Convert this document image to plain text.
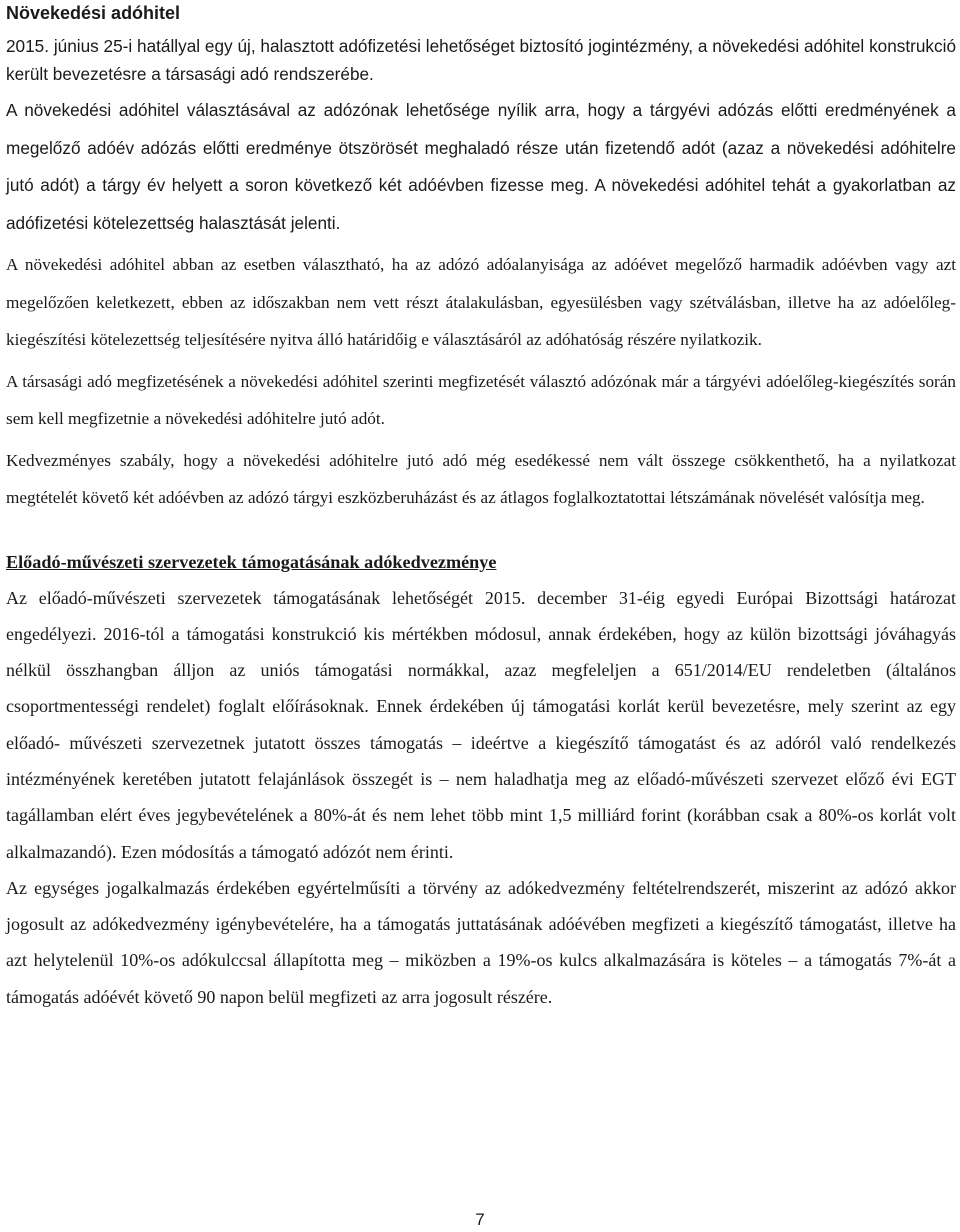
Növekedési adóhitel

2015. június 25-i hatállyal egy új, halasztott adófizetési lehetőséget biztosító jogintézmény, a növekedési adóhitel konstrukció került bevezetésre a társasági adó rendszerébe.

A növekedési adóhitel választásával az adózónak lehetősége nyílik arra, hogy a tárgyévi adózás előtti eredményének a megelőző adóév adózás előtti eredménye ötszörösét meghaladó része után fizetendő adót (azaz a növekedési adóhitelre jutó adót) a tárgy év helyett a soron következő két adóévben fizesse meg. A növekedési adóhitel tehát a gyakorlatban az adófizetési kötelezettség halasztását jelenti.

A növekedési adóhitel abban az esetben választható, ha az adózó adóalanyisága az adóévet megelőző harmadik adóévben vagy azt megelőzően keletkezett, ebben az időszakban nem vett részt átalakulásban, egyesülésben vagy szétválásban, illetve ha az adóelőleg-kiegészítési kötelezettség teljesítésére nyitva álló határidőig e választásáról az adóhatóság részére nyilatkozik.

A társasági adó megfizetésének a növekedési adóhitel szerinti megfizetését választó adózónak már a tárgyévi adóelőleg-kiegészítés során sem kell megfizetnie a növekedési adóhitelre jutó adót.

Kedvezményes szabály, hogy a növekedési adóhitelre jutó adó még esedékessé nem vált összege csökkenthető, ha a nyilatkozat megtételét követő két adóévben az adózó tárgyi eszközberuházást és az átlagos foglalkoztatottai létszámának növelését valósítja meg.

Előadó-művészeti szervezetek támogatásának adókedvezménye

Az előadó-művészeti szervezetek támogatásának lehetőségét 2015. december 31-éig egyedi Európai Bizottsági határozat engedélyezi. 2016-tól a támogatási konstrukció kis mértékben módosul, annak érdekében, hogy az külön bizottsági jóváhagyás nélkül összhangban álljon az uniós támogatási normákkal, azaz megfeleljen a 651/2014/EU rendeletben (általános csoportmentességi rendelet) foglalt előírásoknak. Ennek érdekében új támogatási korlát kerül bevezetésre, mely szerint az egy előadó- művészeti szervezetnek jutatott összes támogatás – ideértve a kiegészítő támogatást és az adóról való rendelkezés intézményének keretében jutatott felajánlások összegét is – nem haladhatja meg az előadó-művészeti szervezet előző évi EGT tagállamban elért éves jegybevételének a 80%-át és nem lehet több mint 1,5 milliárd forint (korábban csak a 80%-os korlát volt alkalmazandó). Ezen módosítás a támogató adózót nem érinti.

Az egységes jogalkalmazás érdekében egyértelműsíti a törvény az adókedvezmény feltételrendszerét, miszerint az adózó akkor jogosult az adókedvezmény igénybevételére, ha a támogatás juttatásának adóévében megfizeti a kiegészítő támogatást, illetve ha azt helytelenül 10%-os adókulccsal állapította meg – miközben a 19%-os kulcs alkalmazására is köteles – a támogatás 7%-át a támogatás adóévét követő 90 napon belül megfizeti az arra jogosult részére.

7
